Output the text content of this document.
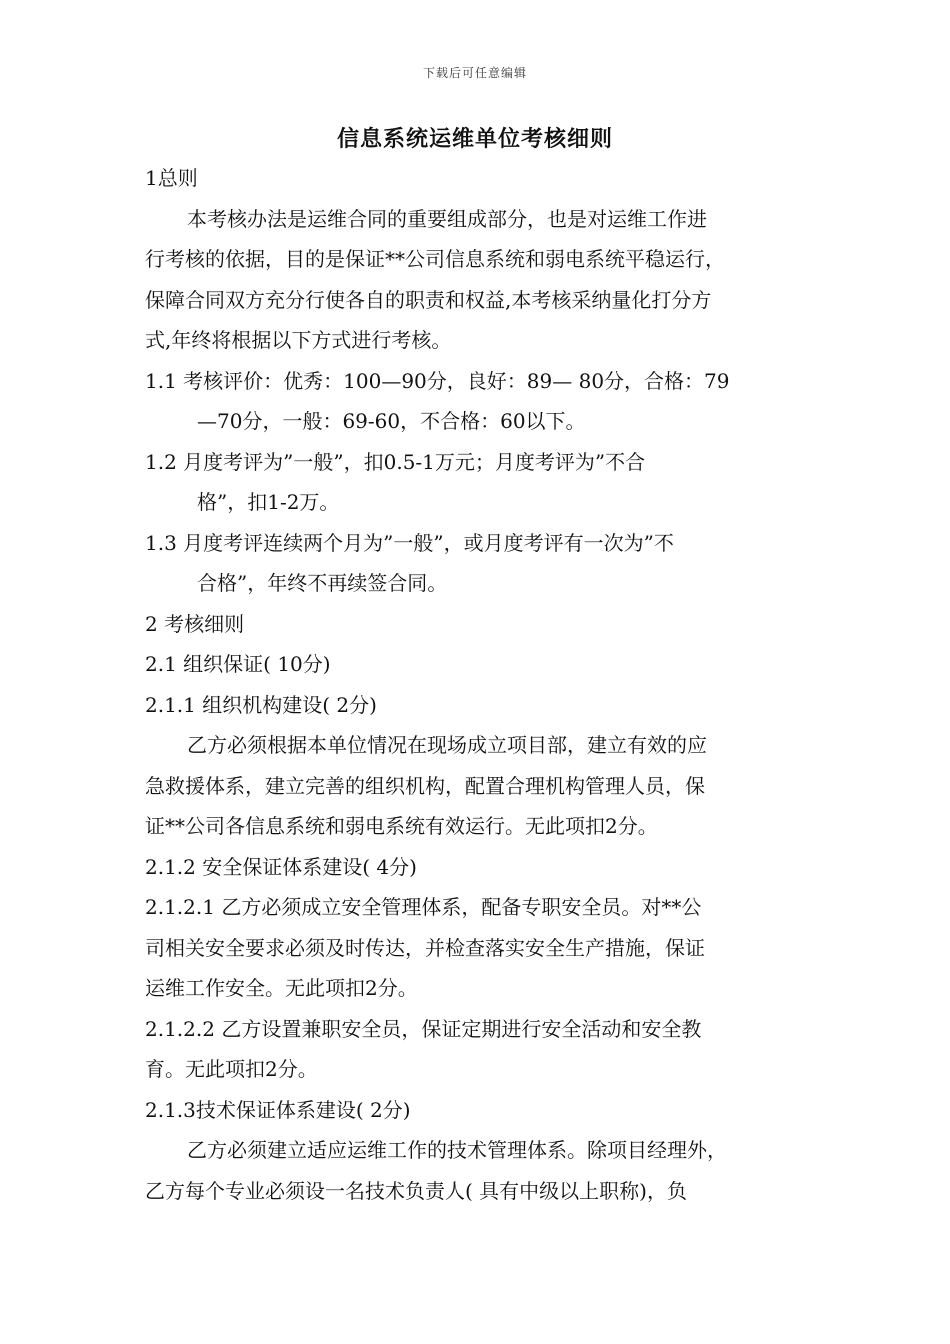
下载后可任意编辑
信息系统运维单位考核细则
1总则
本考核办法是运维合同的重要组成部分，也是对运维工作进
行考核的依据，目的是保证**公司信息系统和弱电系统平稳运行，
保障合同双方充分行使各自的职责和权益,本考核采纳量化打分方
式,年终将根据以下方式进行考核。
1.1 考核评价：优秀：100—90分，良好：89— 80分，合格：79
—70分，一般：69-60，不合格：60以下。
1.2 月度考评为”一般”，扣0.5-1万元；月度考评为”不合
格”，扣1-2万。
1.3 月度考评连续两个月为”一般”，或月度考评有一次为”不
合格”，年终不再续签合同。
2 考核细则
2.1 组织保证( 10分)
2.1.1 组织机构建设( 2分)
乙方必须根据本单位情况在现场成立项目部，建立有效的应
急救援体系，建立完善的组织机构，配置合理机构管理人员，保
证**公司各信息系统和弱电系统有效运行。无此项扣2分。
2.1.2 安全保证体系建设( 4分)
2.1.2.1 乙方必须成立安全管理体系，配备专职安全员。对**公
司相关安全要求必须及时传达，并检查落实安全生产措施，保证
运维工作安全。无此项扣2分。
2.1.2.2 乙方设置兼职安全员，保证定期进行安全活动和安全教
育。无此项扣2分。
2.1.3技术保证体系建设( 2分)
乙方必须建立适应运维工作的技术管理体系。除项目经理外，
乙方每个专业必须设一名技术负责人( 具有中级以上职称)，负
